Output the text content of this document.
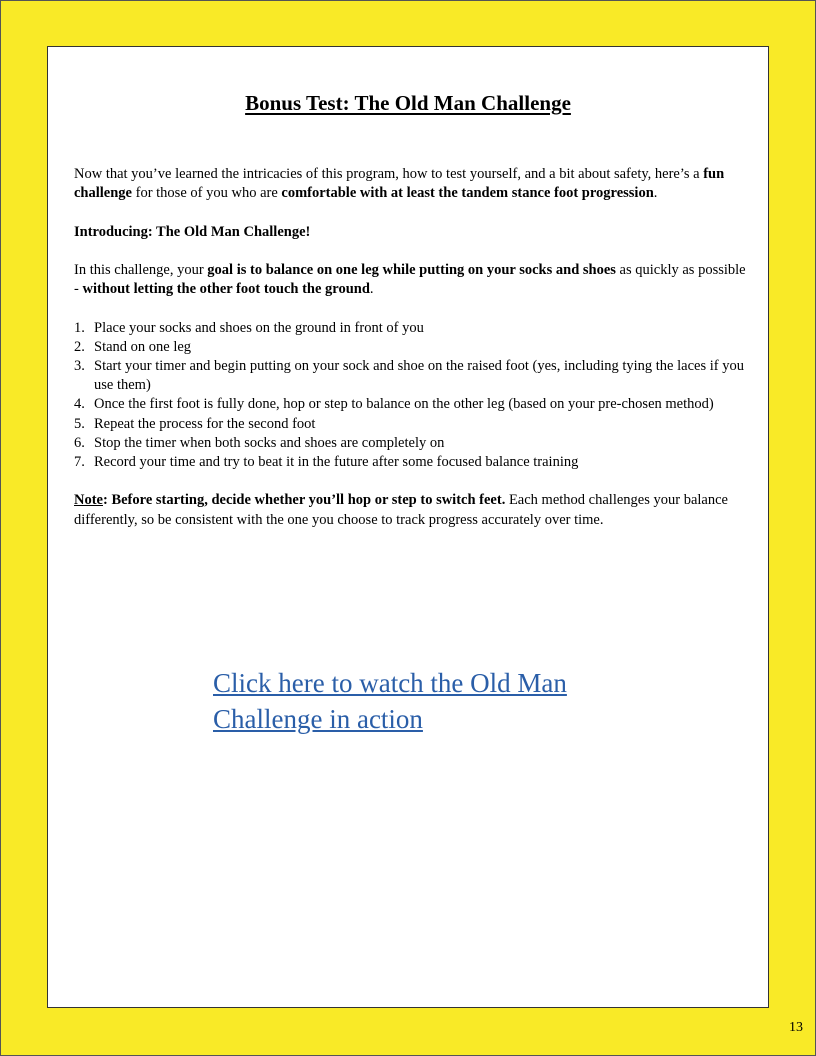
Bonus Test: The Old Man Challenge

Now that you’ve learned the intricacies of this program, how to test yourself, and a bit about safety, here’s a fun challenge for those of you who are comfortable with at least the tandem stance foot progression.

Introducing: The Old Man Challenge!

In this challenge, your goal is to balance on one leg while putting on your socks and shoes as quickly as possible - without letting the other foot touch the ground.

1. Place your socks and shoes on the ground in front of you
2. Stand on one leg
3. Start your timer and begin putting on your sock and shoe on the raised foot (yes, including tying the laces if you use them)
4. Once the first foot is fully done, hop or step to balance on the other leg (based on your pre-chosen method)
5. Repeat the process for the second foot
6. Stop the timer when both socks and shoes are completely on
7. Record your time and try to beat it in the future after some focused balance training

Note: Before starting, decide whether you’ll hop or step to switch feet. Each method challenges your balance differently, so be consistent with the one you choose to track progress accurately over time.

Click here to watch the Old Man Challenge in action
13
